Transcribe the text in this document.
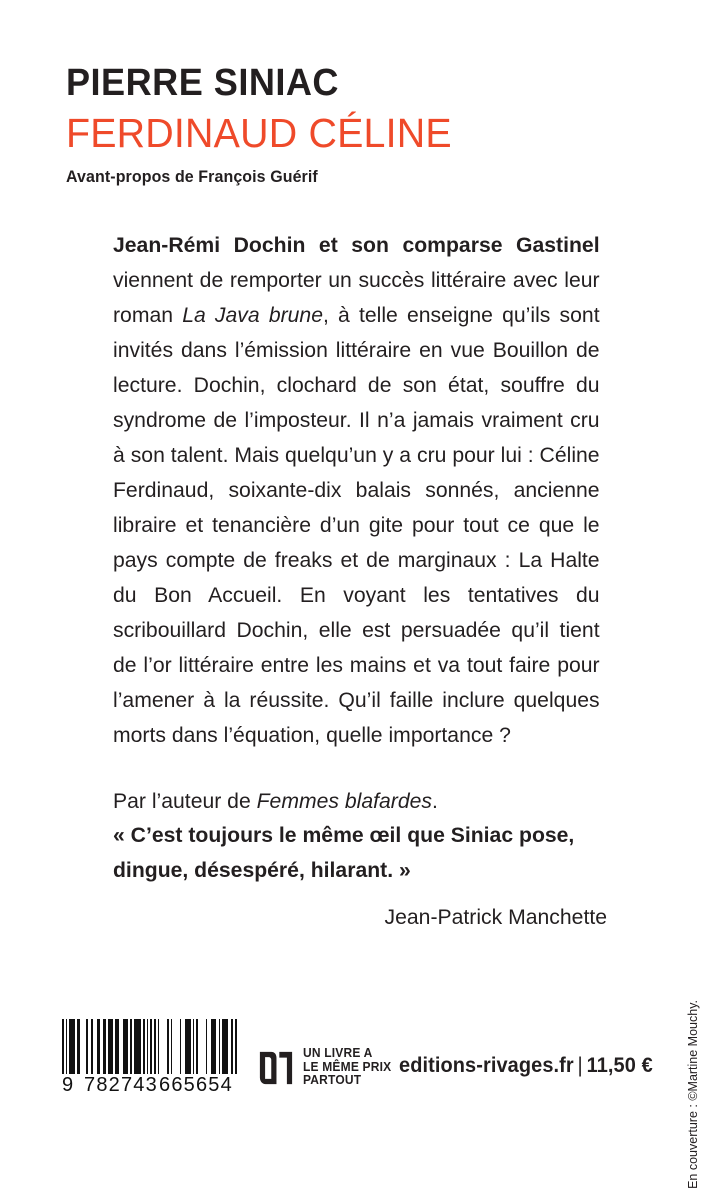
PIERRE SINIAC
FERDINAUD CÉLINE
Avant-propos de François Guérif

Jean-Rémi Dochin et son comparse Gastinel viennent de remporter un succès littéraire avec leur roman La Java brune, à telle enseigne qu’ils sont invités dans l’émission littéraire en vue Bouillon de lecture. Dochin, clochard de son état, souffre du syndrome de l’imposteur. Il n’a jamais vraiment cru à son talent. Mais quelqu’un y a cru pour lui : Céline Ferdinaud, soixante-dix balais sonnés, ancienne libraire et tenancière d’un gite pour tout ce que le pays compte de freaks et de marginaux : La Halte du Bon Accueil. En voyant les tentatives du scribouillard Dochin, elle est persuadée qu’il tient de l’or littéraire entre les mains et va tout faire pour l’amener à la réussite. Qu’il faille inclure quelques morts dans l’équation, quelle importance ?

Par l’auteur de Femmes blafardes.

« C’est toujours le même œil que Siniac pose, dingue, désespéré, hilarant. »

Jean-Patrick Manchette

9 782743 665654
UN LIVRE A
LE MÊME PRIX
PARTOUT
editions-rivages.fr | 11,50 €	En couverture : ©Martine Mouchy.
